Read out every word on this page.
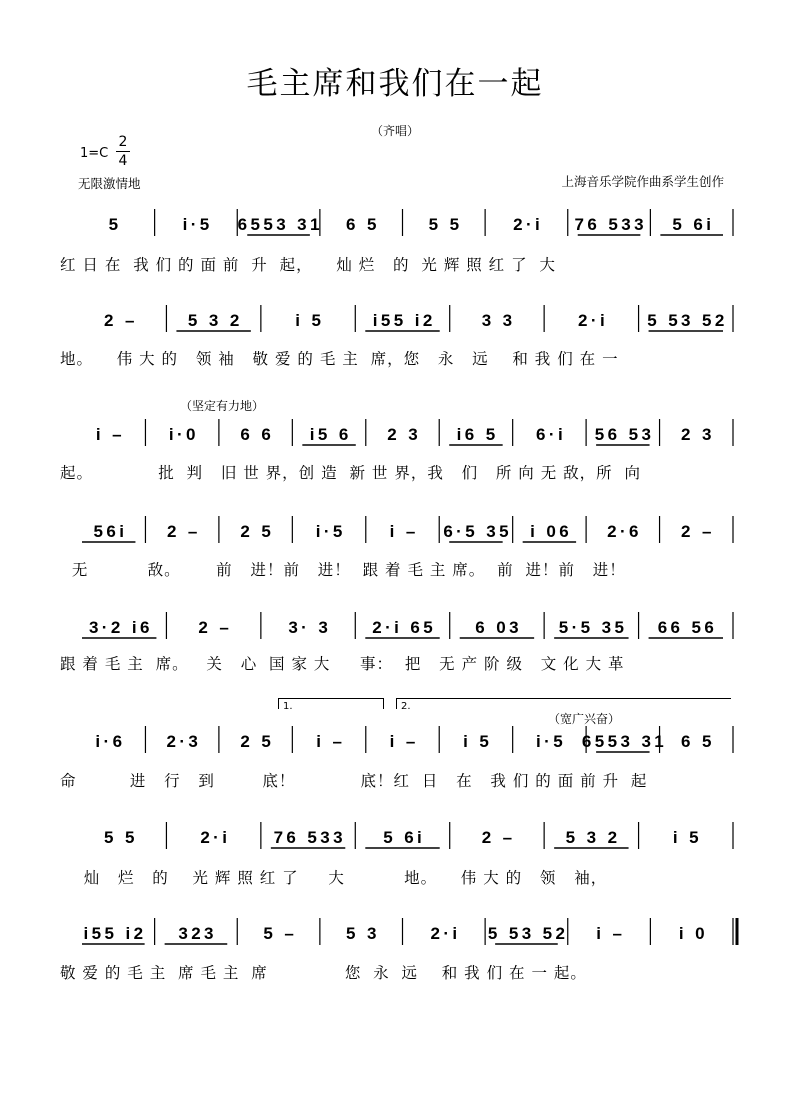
毛主席和我们在一起
（齐唱）
1=C
2
4
无限激情地	上海音乐学院作曲系学生创作
（坚定有力地）
（宽广兴奋）
1.	2.
5	i · 5 6 5 5 3   3 1 6   5	5   5	2 · i 7 6   5 3 3 5   6 i
2   –	5   3   2	i   5	i 5 5   i 2	3   3	2 · i	5   5 3   5 2
i   –	i · 0	6   6 i 5   6 2   3 i 6   5 6 · i 5 6   5 3 2   3
5 6 i	2   –	2   5	i · 5	i   – 6 · 5   3 5 i   0 6 2 · 6	2   –
3 · 2   i 6	2   –	3 ·   3	2 · i   6 5	6   0 3 5 · 5   3 5 6 6   5 6
i · 6	2 · 3	2   5	i   –	i   –	i   5	i · 5 6 5 5 3   3 1 6   5
5   5	2 · i	7 6   5 3 3 5   6 i	2   –	5   3   2	i   5
i 5 5   i 2 3 2 3	5   –	5   3	2 · i 5   5 3   5 2 i   –	i   0
红 日 在  我 们 的 面 前  升  起，    灿 烂   的  光 辉 照 红 了  大
地。    伟 大 的   领 袖   敬 爱 的 毛 主  席，您   永   远    和 我 们 在 一
起。           批  判   旧 世 界，创 造  新 世 界，我   们   所 向 无 敌，所  向
无          敌。      前   进！前   进！  跟 着 毛 主 席。  前  进！前   进！
跟 着 毛 主  席。   关   心  国 家 大     事：  把   无 产 阶 级   文 化 大 革
命         进   行   到        底！           底！红  日   在   我 们 的 面 前 升  起
灿   烂   的    光 辉 照 红 了     大          地。    伟 大 的   领   袖，
敬 爱 的 毛 主  席 毛 主  席             您  永  远    和 我 们 在 一 起。
